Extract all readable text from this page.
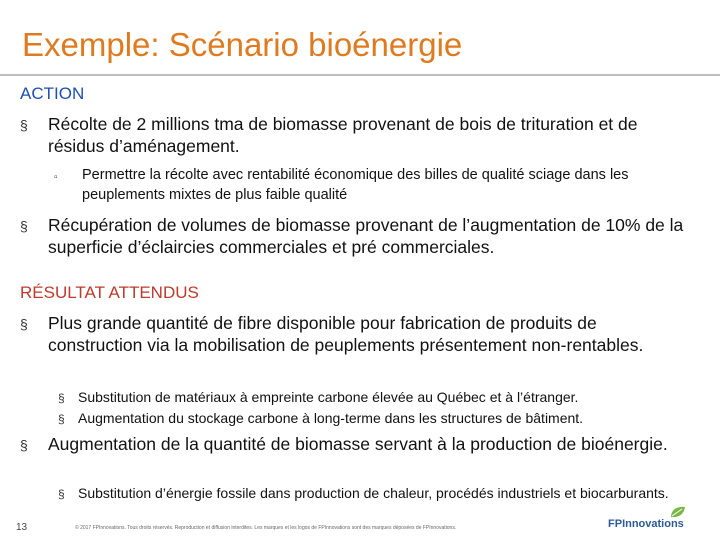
Exemple: Scénario bioénergie
ACTION
§ Récolte de 2 millions tma de biomasse provenant de bois de trituration et de résidus d’aménagement.
▫ Permettre la récolte avec rentabilité économique des billes de qualité sciage dans les peuplements mixtes de plus faible qualité
§ Récupération de volumes de biomasse provenant de l’augmentation de 10% de la superficie d’éclaircies commerciales et pré commerciales.
RÉSULTAT ATTENDUS
§ Plus grande quantité de fibre disponible pour fabrication de produits de construction via la mobilisation de peuplements présentement non-rentables.
§ Substitution de matériaux à empreinte carbone élevée au Québec et à l’étranger.
§ Augmentation du stockage carbone à long-terme dans les structures de bâtiment.
§ Augmentation de la quantité de biomasse servant à la production de bioénergie.
§ Substitution d’énergie fossile dans production de chaleur, procédés industriels et biocarburants.
13	© 2017 FPInnovations. Tous droits réservés. Reproduction et diffusion interdites. Les marques et les logos de FPInnovations sont des marques déposées de FPInnovations.	FPInnovations
